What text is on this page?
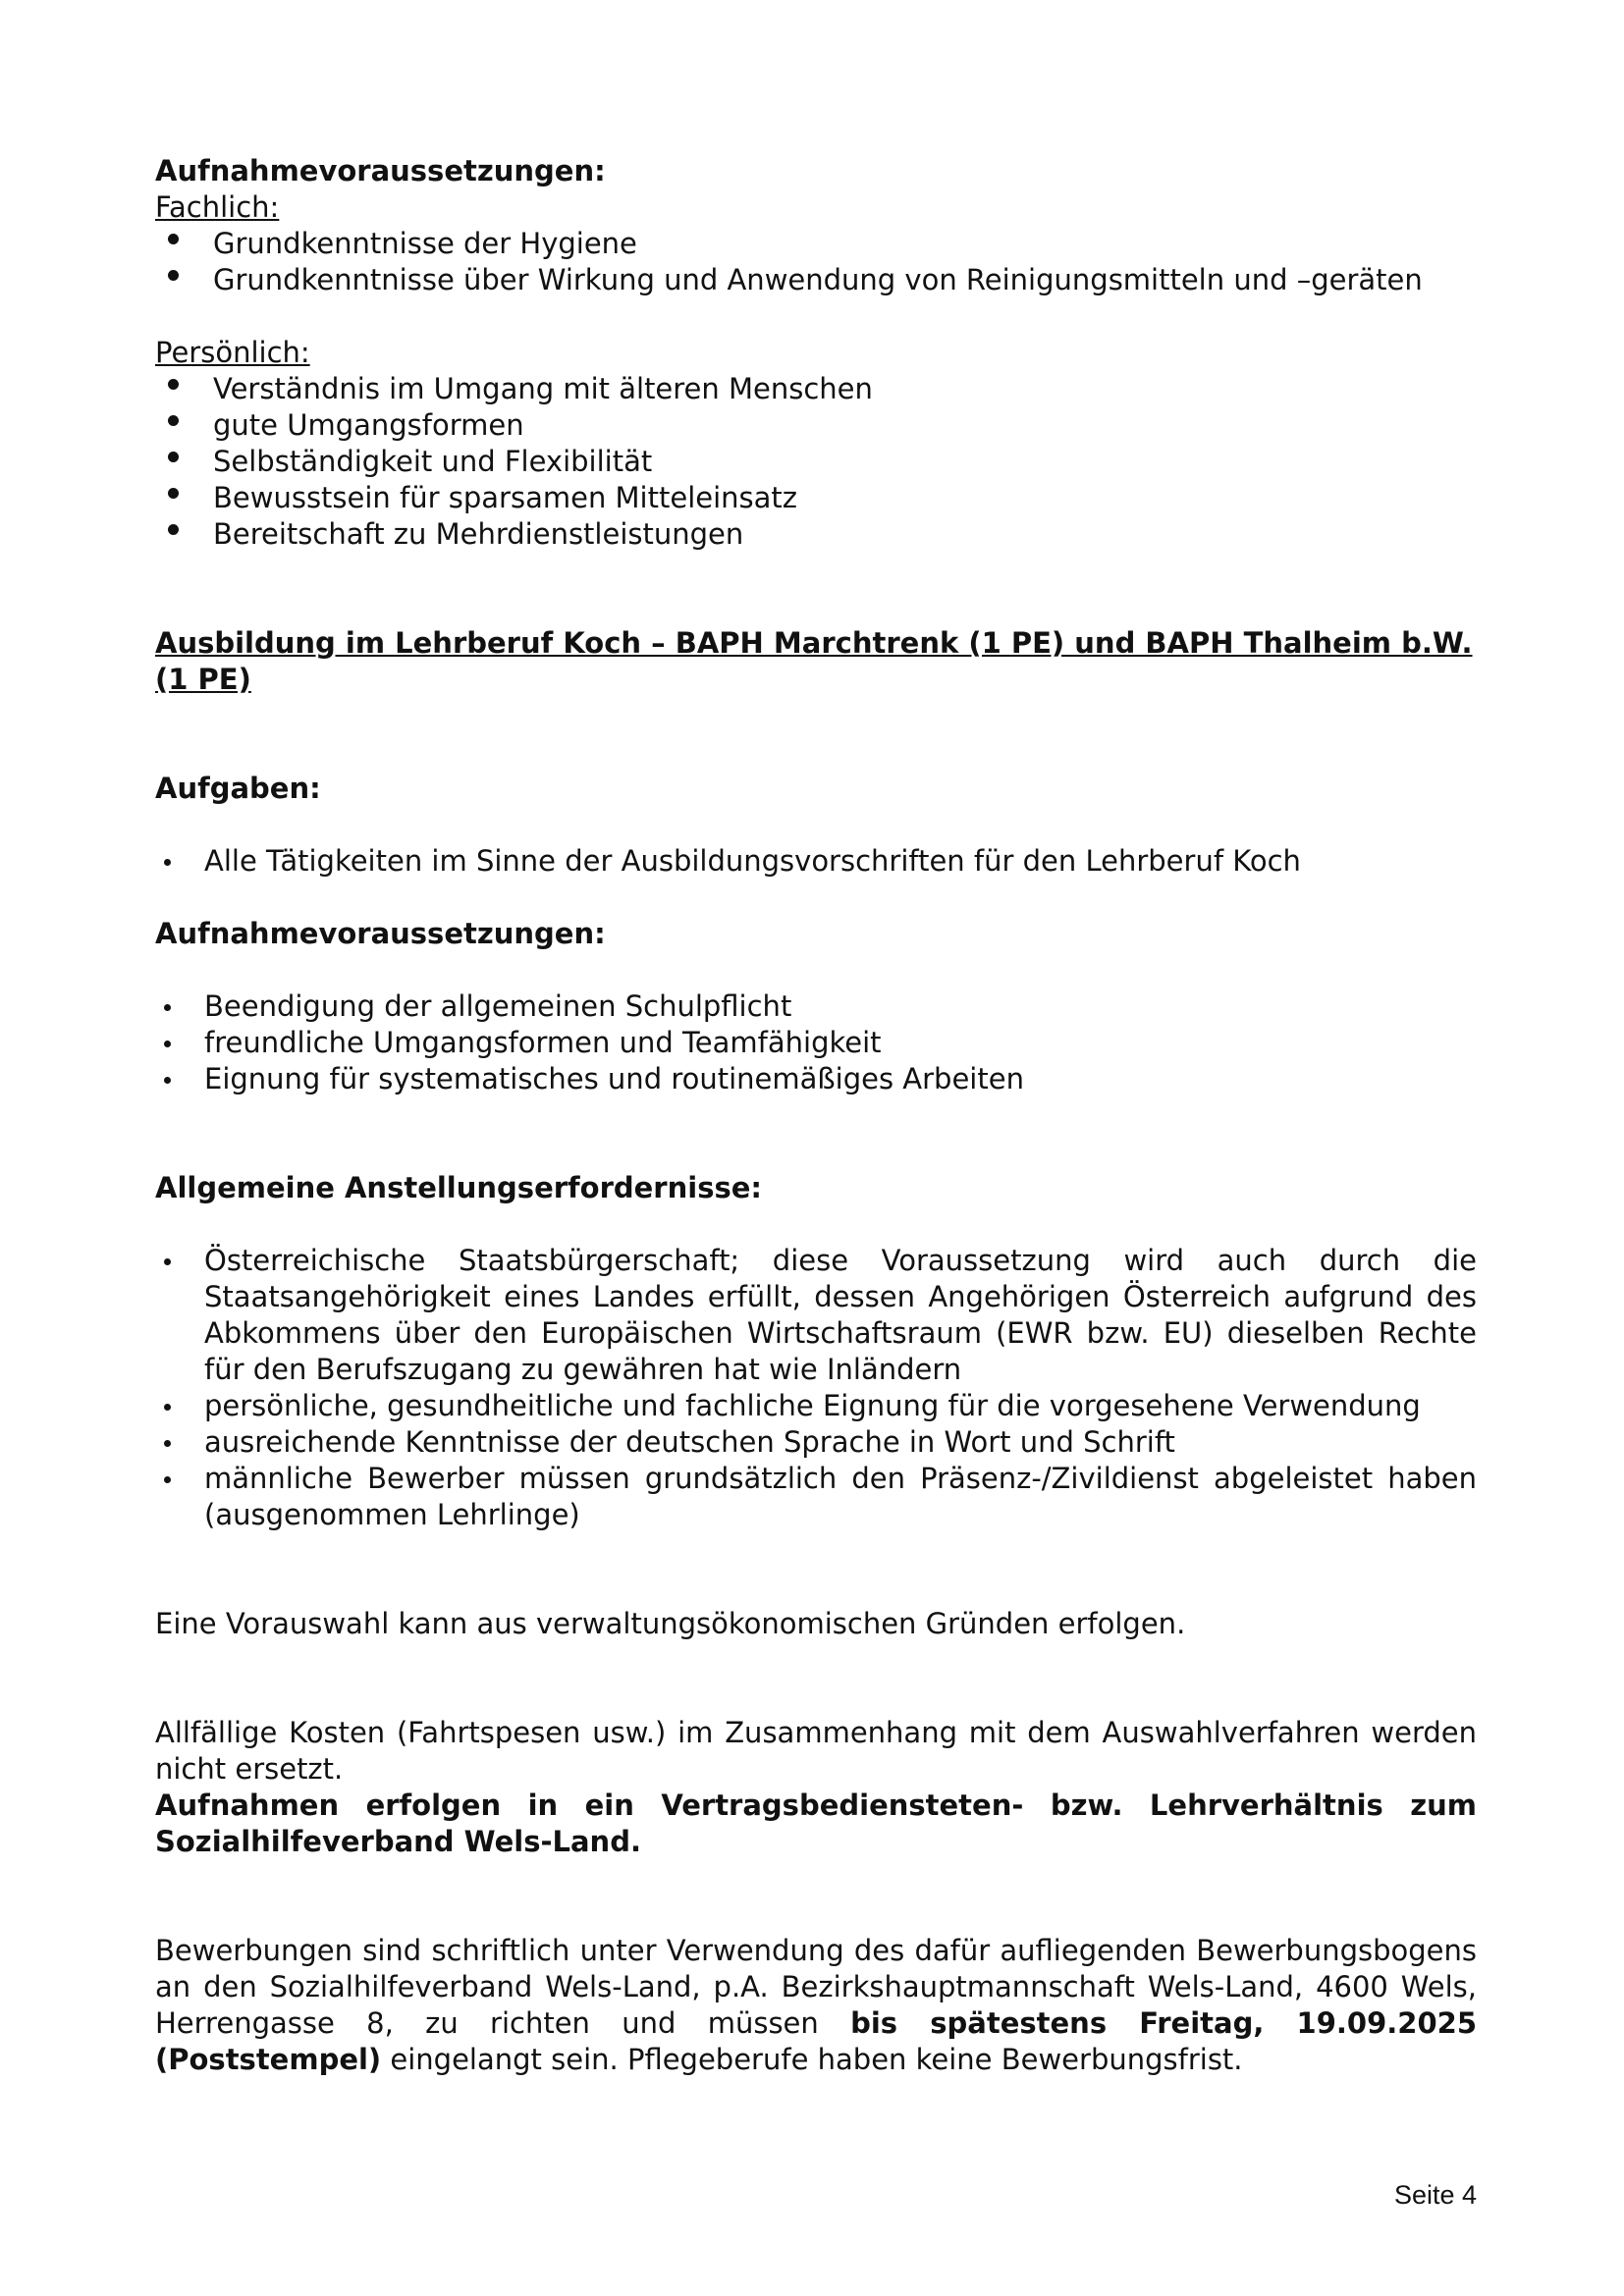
Aufnahmevoraussetzungen:

Fachlich:

Grundkenntnisse der Hygiene
Grundkenntnisse über Wirkung und Anwendung von Reinigungsmitteln und –geräten

Persönlich:

Verständnis im Umgang mit älteren Menschen
gute Umgangsformen
Selbständigkeit und Flexibilität
Bewusstsein für sparsamen Mitteleinsatz
Bereitschaft zu Mehrdienstleistungen

Ausbildung im Lehrberuf Koch – BAPH Marchtrenk (1 PE) und BAPH Thalheim b.W. (1 PE)

Aufgaben:

Alle Tätigkeiten im Sinne der Ausbildungsvorschriften für den Lehrberuf Koch

Aufnahmevoraussetzungen:

Beendigung der allgemeinen Schulpflicht
freundliche Umgangsformen und Teamfähigkeit
Eignung für systematisches und routinemäßiges Arbeiten

Allgemeine Anstellungserfordernisse:

Österreichische Staatsbürgerschaft; diese Voraussetzung wird auch durch die Staatsangehörigkeit eines Landes erfüllt, dessen Angehörigen Österreich aufgrund des Abkommens über den Europäischen Wirtschaftsraum (EWR bzw. EU) dieselben Rechte für den Berufszugang zu gewähren hat wie Inländern
persönliche, gesundheitliche und fachliche Eignung für die vorgesehene Verwendung
ausreichende Kenntnisse der deutschen Sprache in Wort und Schrift
männliche Bewerber müssen grundsätzlich den Präsenz-/Zivildienst abgeleistet haben (ausgenommen Lehrlinge)

Eine Vorauswahl kann aus verwaltungsökonomischen Gründen erfolgen.

Allfällige Kosten (Fahrtspesen usw.) im Zusammenhang mit dem Auswahlverfahren werden nicht ersetzt.

Aufnahmen erfolgen in ein Vertragsbediensteten- bzw. Lehrverhältnis zum Sozialhilfeverband Wels-Land.

Bewerbungen sind schriftlich unter Verwendung des dafür aufliegenden Bewerbungsbogens an den Sozialhilfeverband Wels-Land, p.A. Bezirkshauptmannschaft Wels-Land, 4600 Wels, Herrengasse 8, zu richten und müssen bis spätestens Freitag, 19.09.2025 (Poststempel) eingelangt sein. Pflegeberufe haben keine Bewerbungsfrist.

Seite 4
